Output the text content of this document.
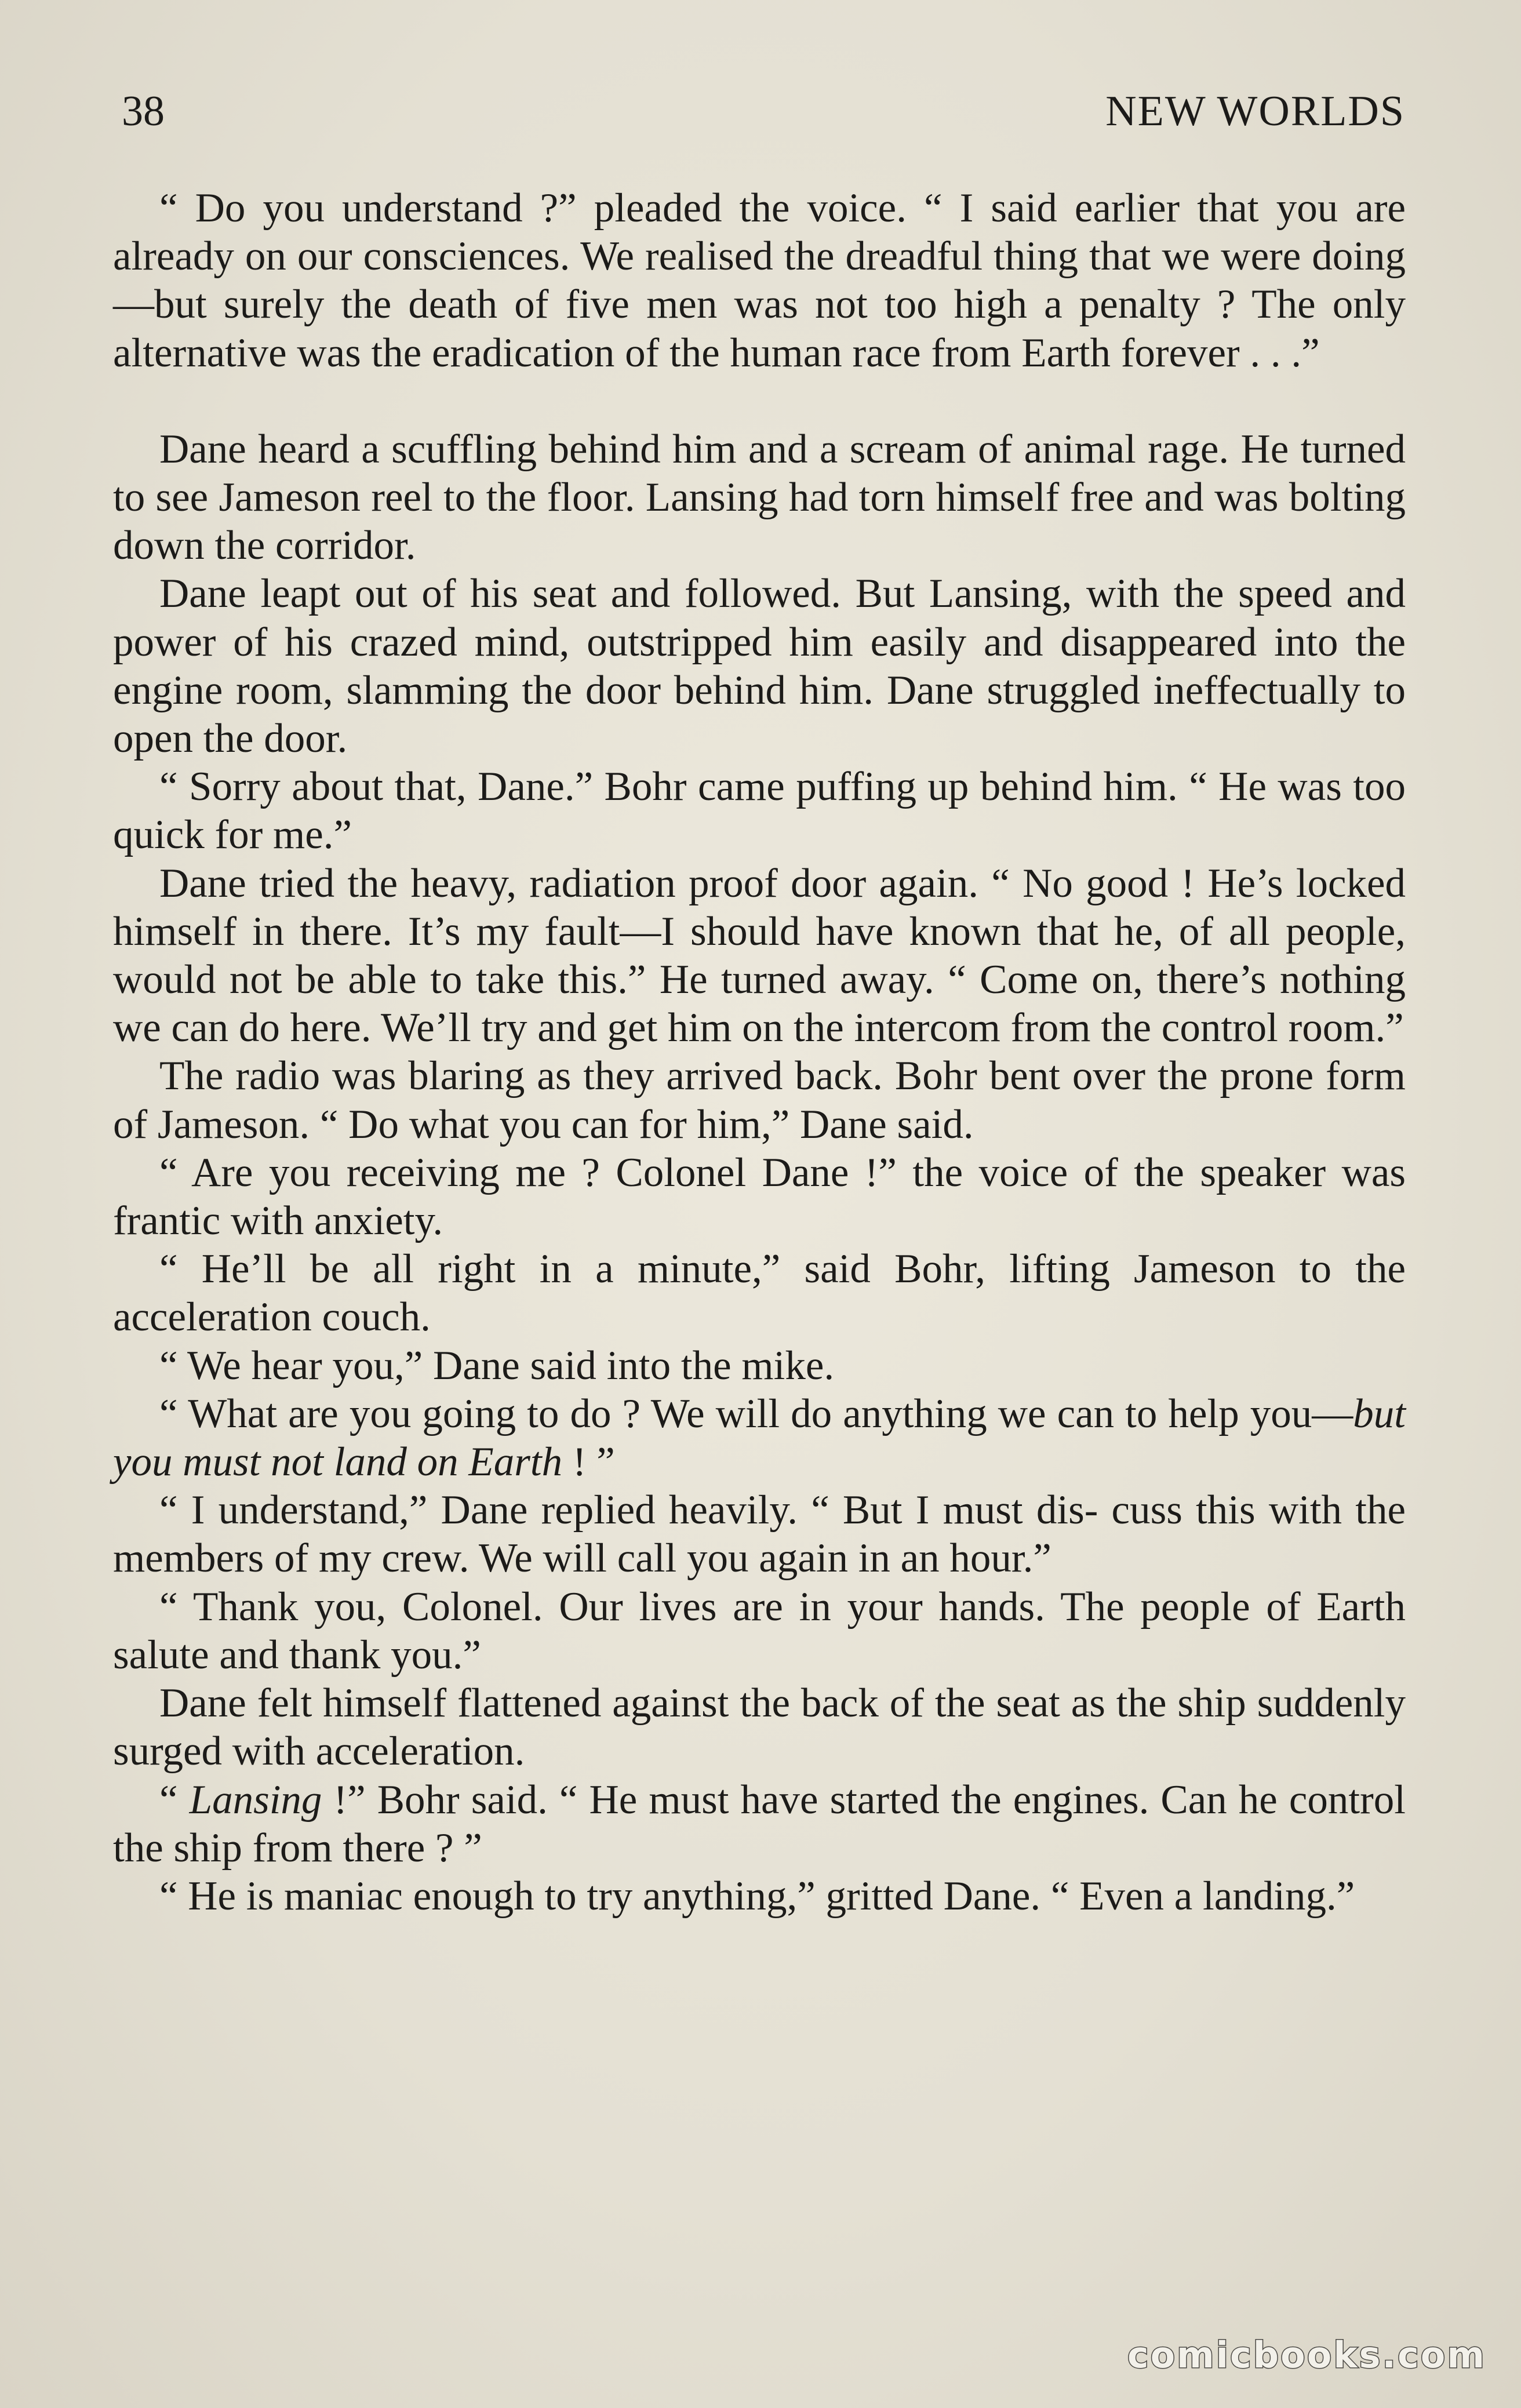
38	NEW WORLDS

“ Do you understand ?” pleaded the voice. “ I said earlier that you are already on our consciences. We realised the dreadful thing that we were doing—but surely the death of five men was not too high a penalty ? The only alternative was the eradication of the human race from Earth forever . . .”

Dane heard a scuffling behind him and a scream of animal rage. He turned to see Jameson reel to the floor. Lansing had torn himself free and was bolting down the corridor.

Dane leapt out of his seat and followed. But Lansing, with the speed and power of his crazed mind, outstripped him easily and disappeared into the engine room, slamming the door behind him. Dane struggled ineffectually to open the door.

“ Sorry about that, Dane.” Bohr came puffing up behind him. “ He was too quick for me.”

Dane tried the heavy, radiation proof door again. “ No good ! He’s locked himself in there. It’s my fault—I should have known that he, of all people, would not be able to take this.” He turned away. “ Come on, there’s nothing we can do here. We’ll try and get him on the intercom from the control room.”

The radio was blaring as they arrived back. Bohr bent over the prone form of Jameson. “ Do what you can for him,” Dane said.

“ Are you receiving me ? Colonel Dane !” the voice of the speaker was frantic with anxiety.

“ He’ll be all right in a minute,” said Bohr, lifting Jameson to the acceleration couch.

“ We hear you,” Dane said into the mike.

“ What are you going to do ? We will do anything we can to help you—but you must not land on Earth ! ”

“ I understand,” Dane replied heavily. “ But I must dis- cuss this with the members of my crew. We will call you again in an hour.”

“ Thank you, Colonel. Our lives are in your hands. The people of Earth salute and thank you.”

Dane felt himself flattened against the back of the seat as the ship suddenly surged with acceleration.

“ Lansing !” Bohr said. “ He must have started the engines. Can he control the ship from there ? ”

“ He is maniac enough to try anything,” gritted Dane. “ Even a landing.”

comicbooks.com
